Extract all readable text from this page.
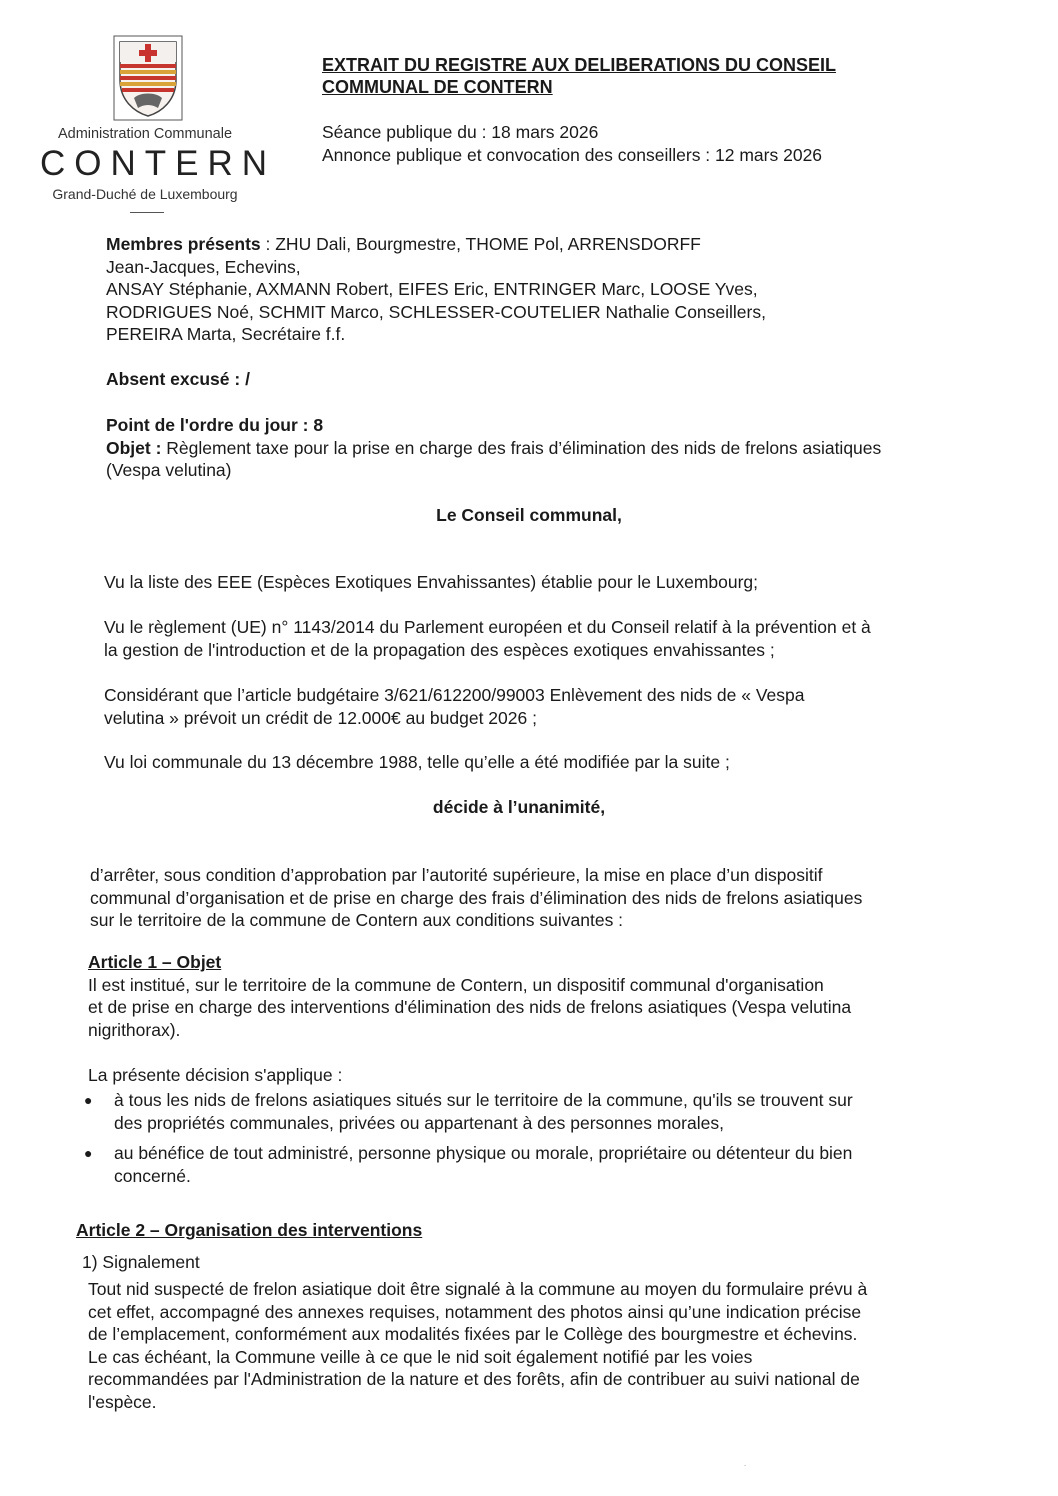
Administration Communale
CONTERN
Grand-Duché de Luxembourg
EXTRAIT DU REGISTRE AUX DELIBERATIONS DU CONSEIL
COMMUNAL DE CONTERN
Séance publique du : 18 mars 2026
Annonce publique et convocation des conseillers : 12 mars 2026
Membres présents : ZHU Dali, Bourgmestre, THOME Pol, ARRENSDORFF
Jean-Jacques, Echevins,
ANSAY Stéphanie, AXMANN Robert, EIFES Eric, ENTRINGER Marc, LOOSE Yves,
RODRIGUES Noé, SCHMIT Marco, SCHLESSER-COUTELIER Nathalie Conseillers,
PEREIRA Marta, Secrétaire f.f.
Absent excusé : /
Point de l'ordre du jour : 8
Objet : Règlement taxe pour la prise en charge des frais d’élimination des nids de frelons asiatiques
(Vespa velutina)
Le Conseil communal,
Vu la liste des EEE (Espèces Exotiques Envahissantes) établie pour le Luxembourg;
Vu le règlement (UE) n° 1143/2014 du Parlement européen et du Conseil relatif à la prévention et à
la gestion de l'introduction et de la propagation des espèces exotiques envahissantes ;
Considérant que l’article budgétaire 3/621/612200/99003 Enlèvement des nids de « Vespa
velutina » prévoit un crédit de 12.000€ au budget 2026 ;
Vu loi communale du 13 décembre 1988, telle qu’elle a été modifiée par la suite ;
décide à l’unanimité,
d’arrêter, sous condition d’approbation par l’autorité supérieure, la mise en place d’un dispositif
communal d’organisation et de prise en charge des frais d’élimination des nids de frelons asiatiques
sur le territoire de la commune de Contern aux conditions suivantes :
Article 1 – Objet
Il est institué, sur le territoire de la commune de Contern, un dispositif communal d'organisation
et de prise en charge des interventions d'élimination des nids de frelons asiatiques (Vespa velutina
nigrithorax).
La présente décision s'applique :
● à tous les nids de frelons asiatiques situés sur le territoire de la commune, qu'ils se trouvent sur
des propriétés communales, privées ou appartenant à des personnes morales,
● au bénéfice de tout administré, personne physique ou morale, propriétaire ou détenteur du bien
concerné.
Article 2 – Organisation des interventions
1) Signalement
Tout nid suspecté de frelon asiatique doit être signalé à la commune au moyen du formulaire prévu à
cet effet, accompagné des annexes requises, notamment des photos ainsi qu’une indication précise
de l’emplacement, conformément aux modalités fixées par le Collège des bourgmestre et échevins.
Le cas échéant, la Commune veille à ce que le nid soit également notifié par les voies
recommandées par l'Administration de la nature et des forêts, afin de contribuer au suivi national de
l'espèce.
˙
